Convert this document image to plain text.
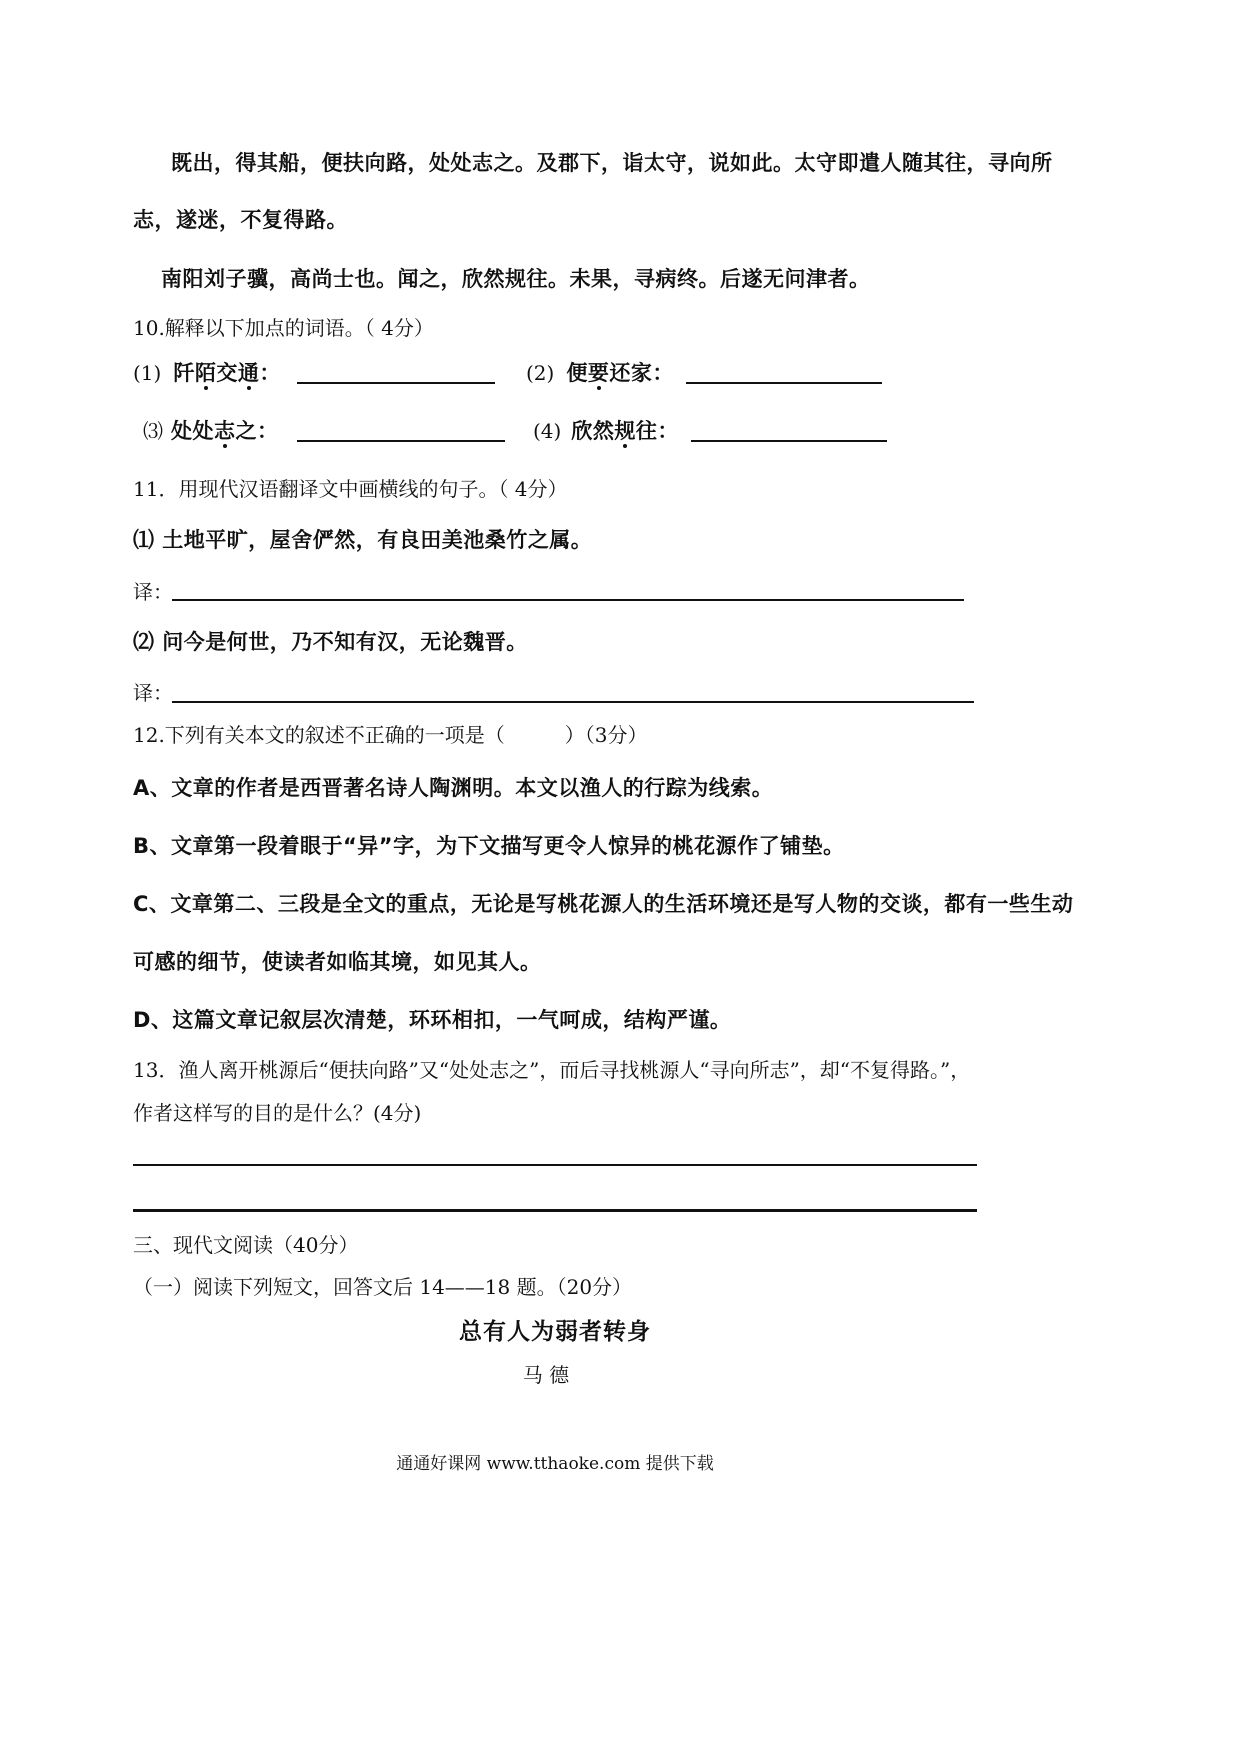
既出，得其船，便扶向路，处处志之。及郡下，诣太守，说如此。太守即遣人随其往，寻向所
志，遂迷，不复得路。
南阳刘子骥，高尚士也。闻之，欣然规往。未果，寻病终。后遂无问津者。
10.解释以下加点的词语。（ 4分）
(1) 阡陌交通：	(2) 便要还家：
⑶ 处处志之：	(4) 欣然规往：
11．用现代汉语翻译文中画横线的句子。（ 4分）
⑴ 土地平旷，屋舍俨然，有良田美池桑竹之属。
译：
⑵ 问今是何世，乃不知有汉，无论魏晋。
译：
12.下列有关本文的叙述不正确的一项是（　　　）（3分）
A、文章的作者是西晋著名诗人陶渊明。本文以渔人的行踪为线索。
B、文章第一段着眼于“异”字，为下文描写更令人惊异的桃花源作了铺垫。
C、文章第二、三段是全文的重点，无论是写桃花源人的生活环境还是写人物的交谈，都有一些生动
可感的细节，使读者如临其境，如见其人。
D、这篇文章记叙层次清楚，环环相扣，一气呵成，结构严谨。
13．渔人离开桃源后“便扶向路”又“处处志之”，而后寻找桃源人“寻向所志”，却“不复得路。”，
作者这样写的目的是什么？(4分)
三、现代文阅读（40分）
（一）阅读下列短文，回答文后 14——18 题。（20分）
总有人为弱者转身
马 德
通通好课网 www.tthaoke.com 提供下载
